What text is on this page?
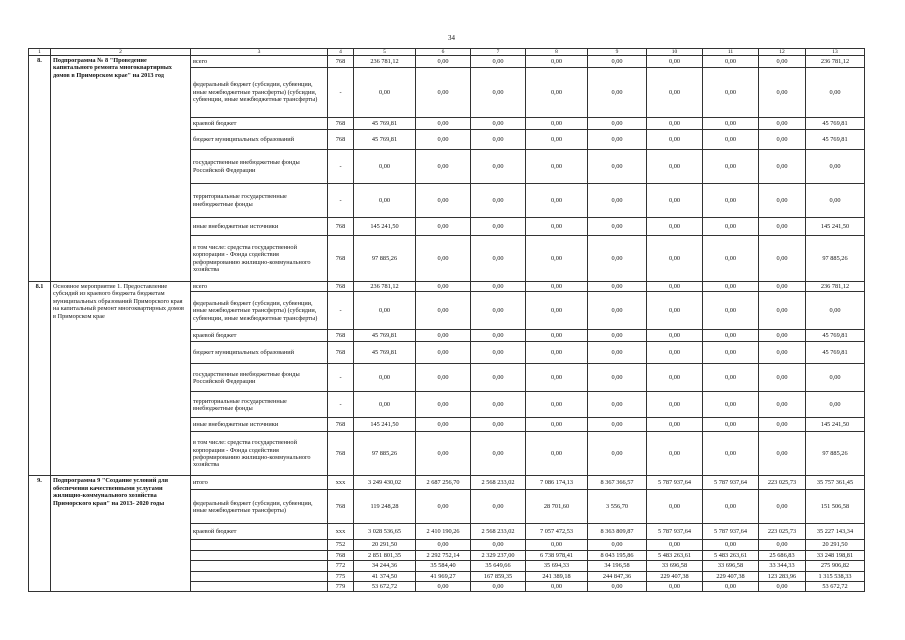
34
1	2	3	4	5	6	7	8	9	10	11	12	13
8.	Подпрограмма № 8 "Проведение капитального ремонта многоквартирных домов в Приморском крае" на 2013 год	всего	768	236 781,12	0,00	0,00	0,00	0,00	0,00	0,00	0,00	236 781,12
		федеральный бюджет (субсидии, субвенции, иные межбюджетные трансферты) (субсидии, субвенции, иные межбюджетные трансферты)	-	0,00	0,00	0,00	0,00	0,00	0,00	0,00	0,00	0,00
		краевой бюджет	768	45 769,81	0,00	0,00	0,00	0,00	0,00	0,00	0,00	45 769,81
		бюджет муниципальных образований	768	45 769,81	0,00	0,00	0,00	0,00	0,00	0,00	0,00	45 769,81
		государственные внебюджетные фонды Российской Федерации	-	0,00	0,00	0,00	0,00	0,00	0,00	0,00	0,00	0,00
		территориальные государственные внебюджетные фонды	-	0,00	0,00	0,00	0,00	0,00	0,00	0,00	0,00	0,00
		иные внебюджетные источники	768	145 241,50	0,00	0,00	0,00	0,00	0,00	0,00	0,00	145 241,50
		в том числе: средства государственной корпорации - Фонда содействия реформированию жилищно-коммунального хозяйства	768	97 885,26	0,00	0,00	0,00	0,00	0,00	0,00	0,00	97 885,26
8.1	Основное мероприятие 1. Предоставление субсидий из краевого бюджета бюджетам муниципальных образований Приморского края на капитальный ремонт многоквартирных домов в Приморском крае	всего	768	236 781,12	0,00	0,00	0,00	0,00	0,00	0,00	0,00	236 781,12
		федеральный бюджет (субсидии, субвенции, иные межбюджетные трансферты) (субсидии, субвенции, иные межбюджетные трансферты)	-	0,00	0,00	0,00	0,00	0,00	0,00	0,00	0,00	0,00
		краевой бюджет	768	45 769,81	0,00	0,00	0,00	0,00	0,00	0,00	0,00	45 769,81
		бюджет муниципальных образований	768	45 769,81	0,00	0,00	0,00	0,00	0,00	0,00	0,00	45 769,81
		государственные внебюджетные фонды Российской Федерации	-	0,00	0,00	0,00	0,00	0,00	0,00	0,00	0,00	0,00
		территориальные государственные внебюджетные фонды	-	0,00	0,00	0,00	0,00	0,00	0,00	0,00	0,00	0,00
		иные внебюджетные источники	768	145 241,50	0,00	0,00	0,00	0,00	0,00	0,00	0,00	145 241,50
		в том числе: средства государственной корпорации - Фонда содействия реформированию жилищно-коммунального хозяйства	768	97 885,26	0,00	0,00	0,00	0,00	0,00	0,00	0,00	97 885,26
9.	Подпрограмма 9 "Создание условий для обеспечения качественными услугами жилищно-коммунального хозяйства Приморского края" на 2013- 2020 годы	итого	ххх	3 249 430,02	2 687 256,70	2 568 233,02	7 086 174,13	8 367 366,57	5 787 937,64	5 787 937,64	223 025,73	35 757 361,45
		федеральный бюджет (субсидии, субвенции, иные межбюджетные трансферты)	768	119 248,28	0,00	0,00	28 701,60	3 556,70	0,00	0,00	0,00	151 506,58
		краевой бюджет	ххх	3 028 536,65	2 410 190,26	2 568 233,02	7 057 472,53	8 363 809,87	5 787 937,64	5 787 937,64	223 025,73	35 227 143,34
			752	20 291,50	0,00	0,00	0,00	0,00	0,00	0,00	0,00	20 291,50
			768	2 851 801,35	2 292 752,14	2 329 237,00	6 738 978,41	8 043 195,86	5 483 263,61	5 483 263,61	25 686,83	33 248 198,81
			772	34 244,36	35 584,40	35 649,66	35 694,33	34 196,58	33 696,58	33 696,58	33 344,33	275 906,82
			775	41 374,50	41 969,27	167 859,35	241 389,18	244 847,36	229 407,38	229 407,38	123 283,96	1 315 538,33
			779	53 672,72	0,00	0,00	0,00	0,00	0,00	0,00	0,00	53 672,72
